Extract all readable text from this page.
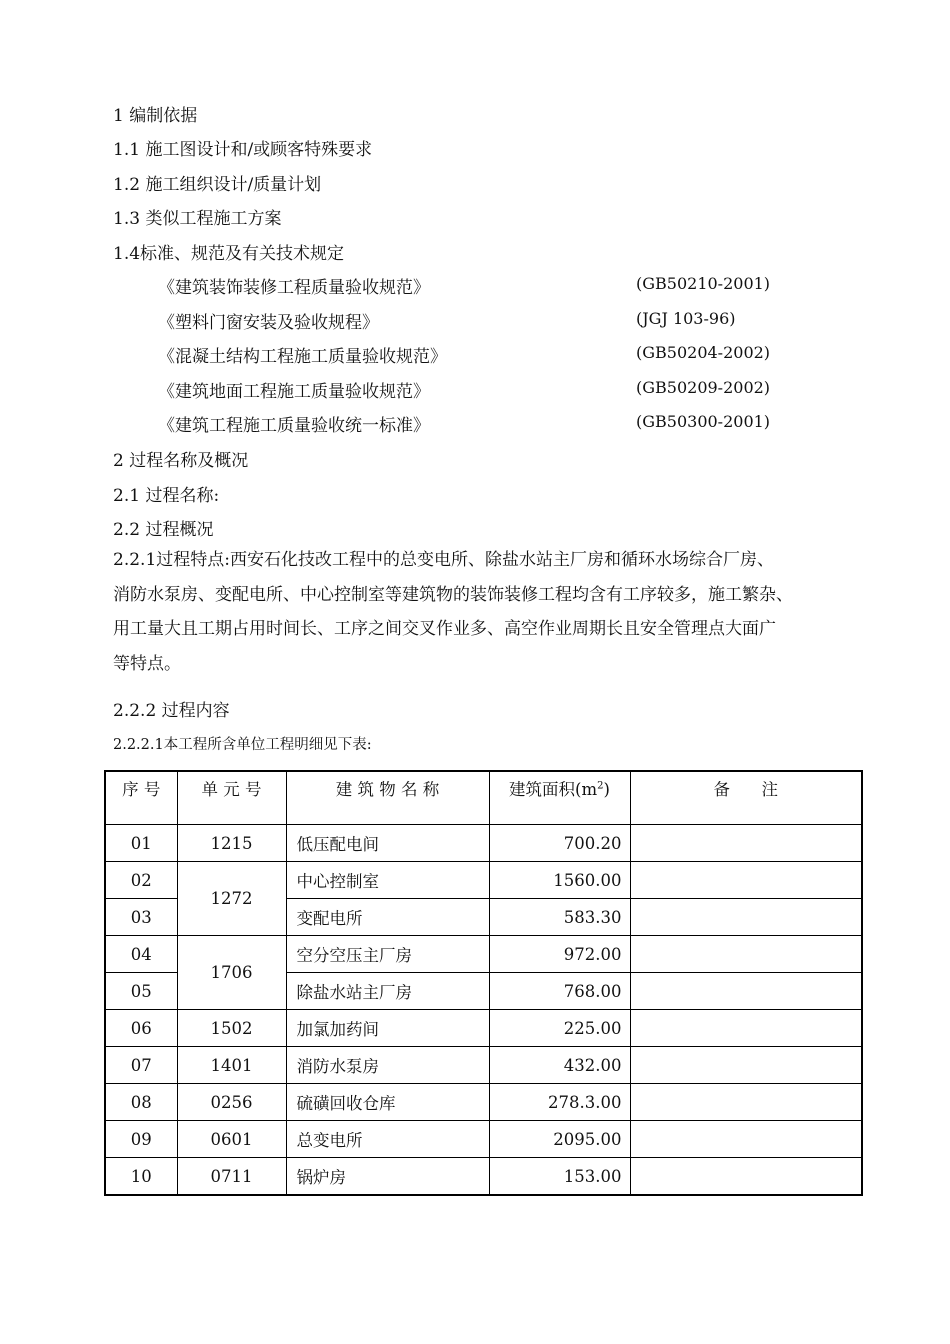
1 编制依据
1.1 施工图设计和/或顾客特殊要求
1.2 施工组织设计/质量计划
1.3 类似工程施工方案
1.4标准、规范及有关技术规定
《建筑装饰装修工程质量验收规范》	(GB50210-2001)
《塑料门窗安装及验收规程》	(JGJ 103-96)
《混凝土结构工程施工质量验收规范》	(GB50204-2002)
《建筑地面工程施工质量验收规范》	(GB50209-2002)
《建筑工程施工质量验收统一标准》	(GB50300-2001)
2 过程名称及概况
2.1 过程名称:
2.2 过程概况
2.2.1过程特点:西安石化技改工程中的总变电所、除盐水站主厂房和循环水场综合厂房、
消防水泵房、变配电所、中心控制室等建筑物的装饰装修工程均含有工序较多，施工繁杂、
用工量大且工期占用时间长、工序之间交叉作业多、高空作业周期长且安全管理点大面广
等特点。
2.2.2 过程内容
2.2.2.1本工程所含单位工程明细见下表:
序 号	单 元 号	建 筑 物 名 称	建筑面积$(m^2)$	备      注
01	1215	低压配电间	700.20	
02	1272	中心控制室	1560.00	
03		变配电所	583.30	
04	1706	空分空压主厂房	972.00	
05		除盐水站主厂房	768.00	
06	1502	加氯加药间	225.00	
07	1401	消防水泵房	432.00	
08	0256	硫磺回收仓库	278.3.00	
09	0601	总变电所	2095.00	
10	0711	锅炉房	153.00	
